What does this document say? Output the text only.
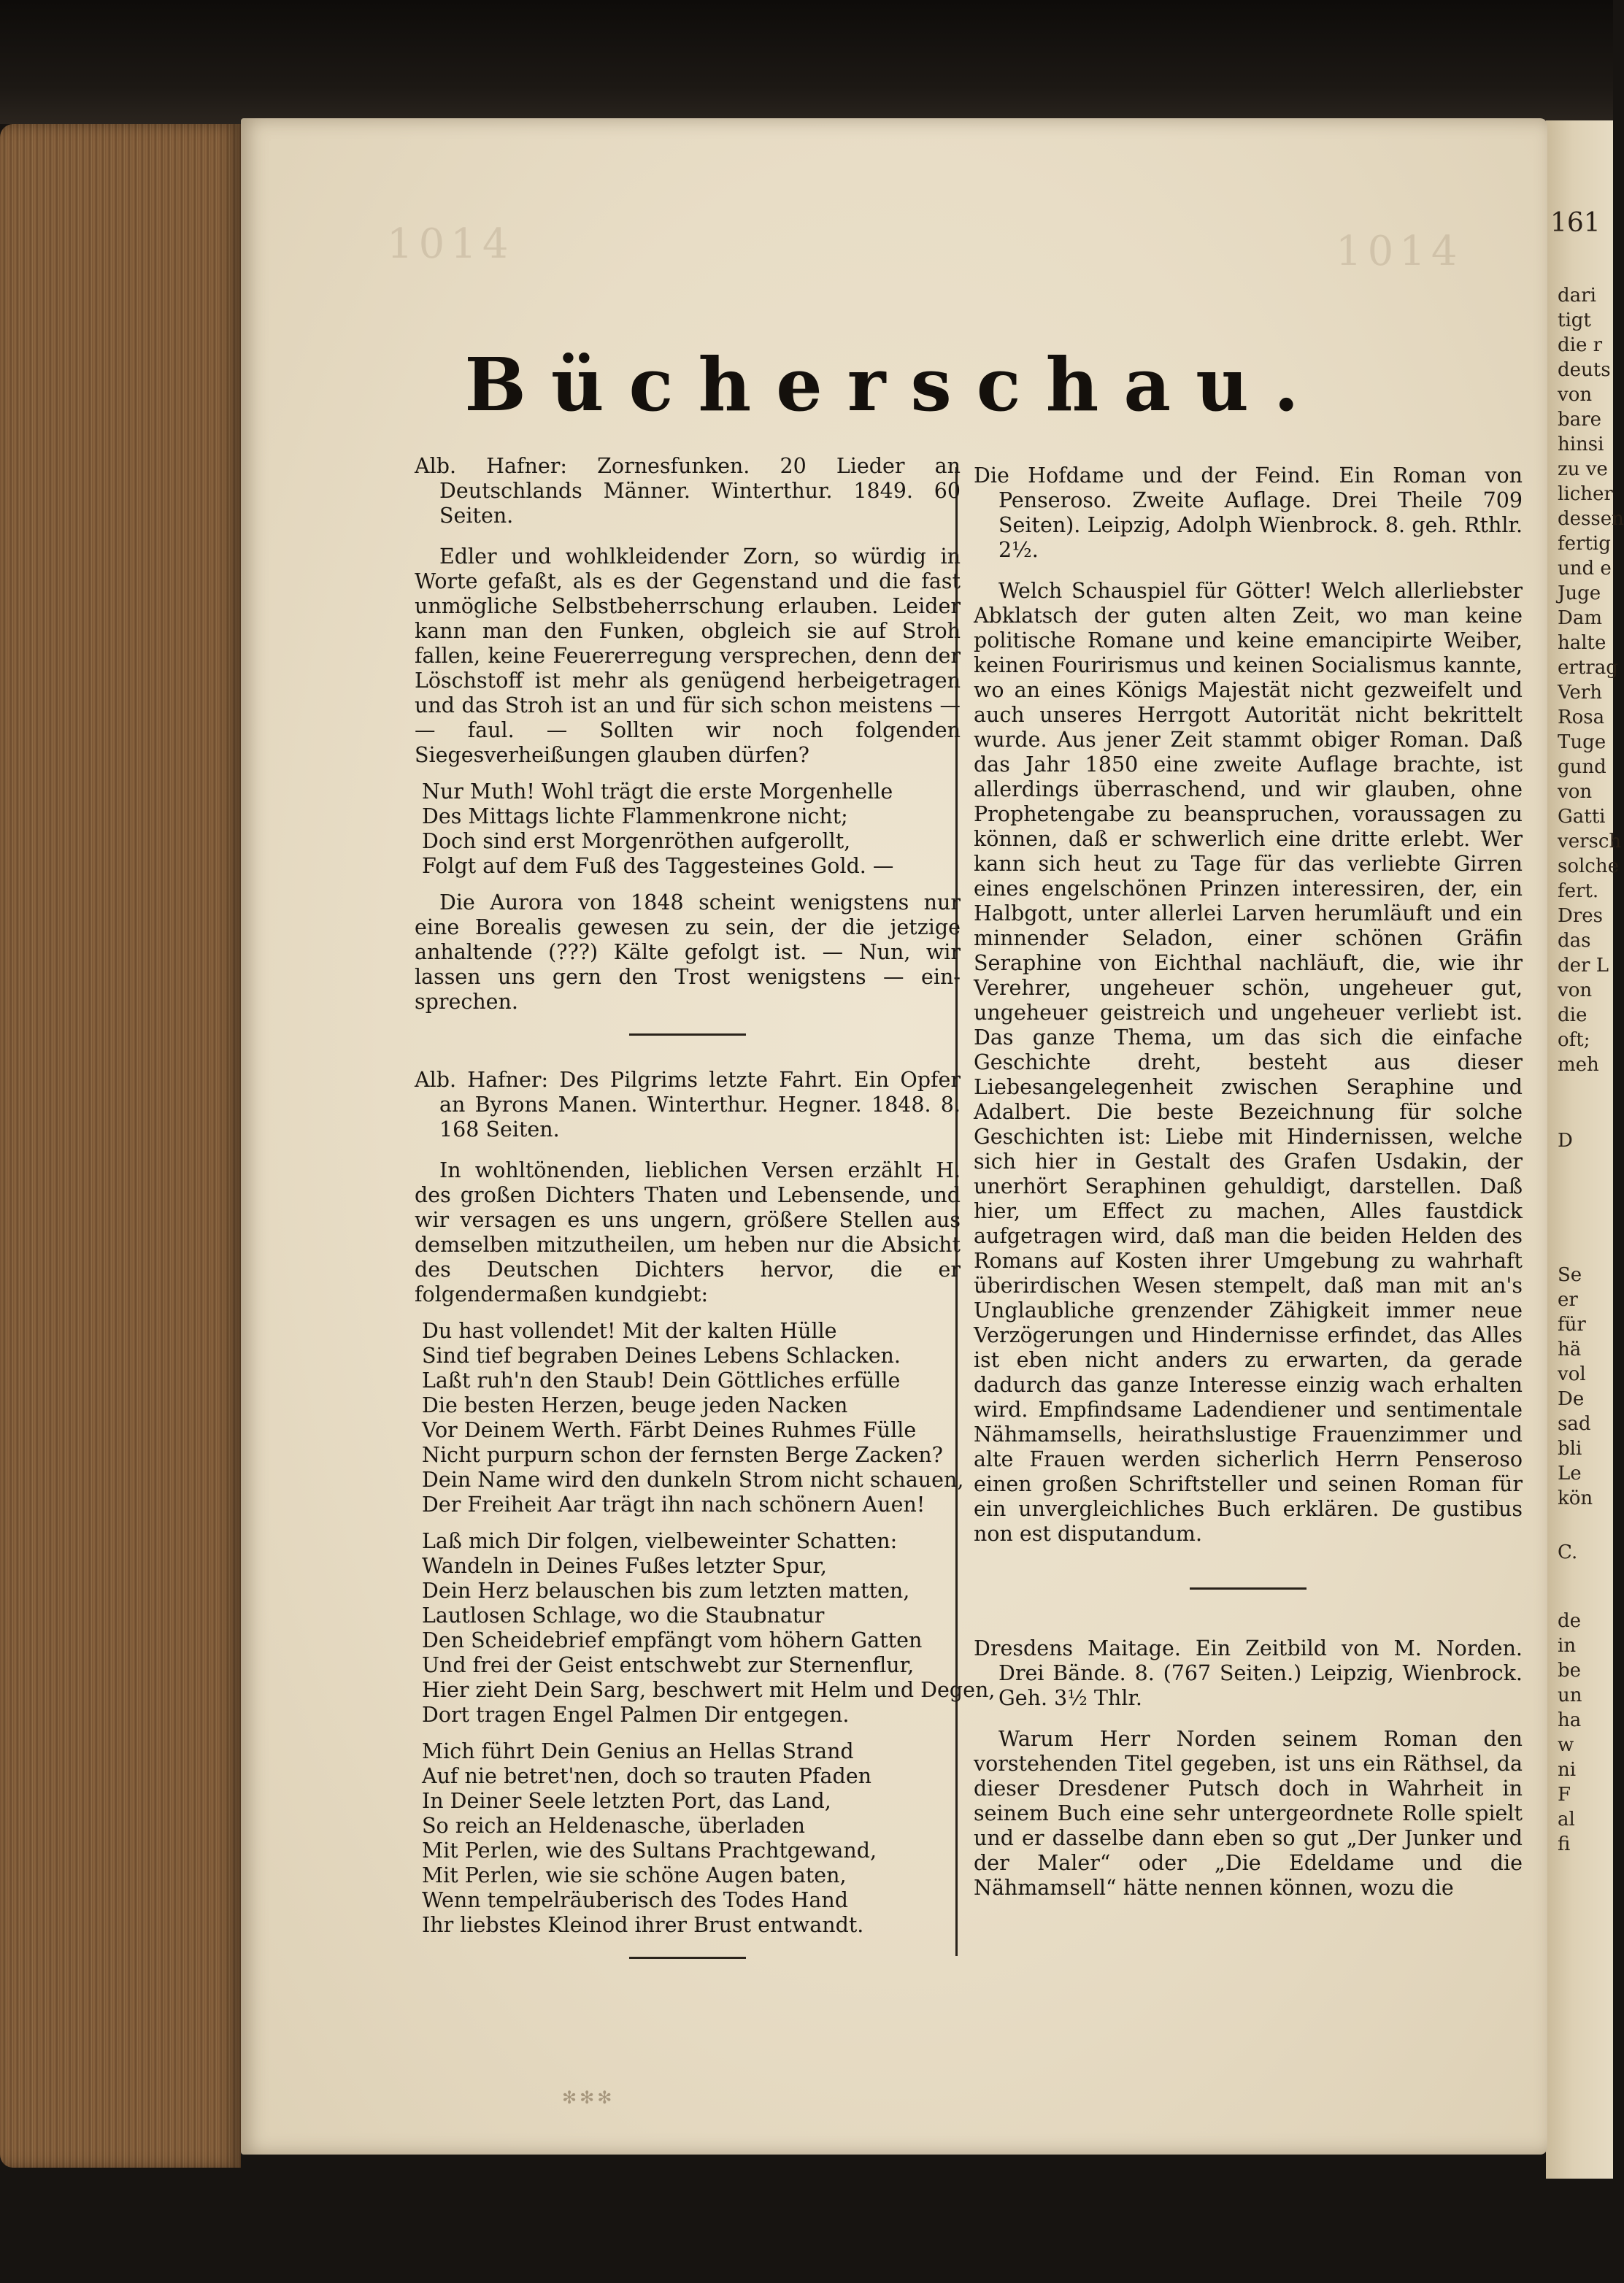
dari
tigt
die r
deuts
von
bare
hinsi
zu ve
licher
dessen
fertig
und e
Juge
Dam
halte
ertrag
Verh
Rosa
Tuge
gund
von
Gatti
versch
solche
fert.
Dres
das
der L
von
die
oft;
meh
D
Se
er
für
hä
vol
De
sad
bli
Le
kön
C.
de
in
be
un
ha
w
ni
F
al
fi
161
1014	1014
Bücherschau.

Alb. Hafner: Zornesfunken. 20 Lieder an Deutschlands Männer. Winterthur. 1849. 60 Seiten.

Edler und wohlkleidender Zorn, so würdig in Worte gefaßt, als es der Gegenstand und die fast unmögliche Selbstbeherrschung erlauben. Leider kann man den Funken, obgleich sie auf Stroh fallen, keine Feuererregung versprechen, denn der Löschstoff ist mehr als genügend herbeigetragen und das Stroh ist an und für sich schon meistens — — faul. — Sollten wir noch folgenden Siegesverheißungen glauben dürfen?

Nur Muth! Wohl trägt die erste Morgenhelle
Des Mittags lichte Flammenkrone nicht;
Doch sind erst Morgenröthen aufgerollt,
Folgt auf dem Fuß des Taggesteines Gold. —

Die Aurora von 1848 scheint wenigstens nur eine Borealis gewesen zu sein, der die jetzige anhaltende (???) Kälte gefolgt ist. — Nun, wir lassen uns gern den Trost wenigstens — ein-sprechen.

Alb. Hafner: Des Pilgrims letzte Fahrt. Ein Opfer an Byrons Manen. Winterthur. Hegner. 1848. 8. 168 Seiten.

In wohltönenden, lieblichen Versen erzählt H. des großen Dichters Thaten und Lebensende, und wir versagen es uns ungern, größere Stellen aus demselben mitzutheilen, um heben nur die Absicht des Deutschen Dichters hervor, die er folgendermaßen kundgiebt:

Du hast vollendet! Mit der kalten Hülle
Sind tief begraben Deines Lebens Schlacken.
Laßt ruh'n den Staub! Dein Göttliches erfülle
Die besten Herzen, beuge jeden Nacken
Vor Deinem Werth. Färbt Deines Ruhmes Fülle
Nicht purpurn schon der fernsten Berge Zacken?
Dein Name wird den dunkeln Strom nicht schauen,
Der Freiheit Aar trägt ihn nach schönern Auen!
Laß mich Dir folgen, vielbeweinter Schatten:
Wandeln in Deines Fußes letzter Spur,
Dein Herz belauschen bis zum letzten matten,
Lautlosen Schlage, wo die Staubnatur
Den Scheidebrief empfängt vom höhern Gatten
Und frei der Geist entschwebt zur Sternenflur,
Hier zieht Dein Sarg, beschwert mit Helm und Degen,
Dort tragen Engel Palmen Dir entgegen.
Mich führt Dein Genius an Hellas Strand
Auf nie betret'nen, doch so trauten Pfaden
In Deiner Seele letzten Port, das Land,
So reich an Heldenasche, überladen
Mit Perlen, wie des Sultans Prachtgewand,
Mit Perlen, wie sie schöne Augen baten,
Wenn tempelräuberisch des Todes Hand
Ihr liebstes Kleinod ihrer Brust entwandt.

Die Hofdame und der Feind. Ein Roman von Penseroso. Zweite Auflage. Drei Theile 709 Seiten). Leipzig, Adolph Wienbrock. 8. geh. Rthlr. 2½.

Welch Schauspiel für Götter! Welch allerliebster Abklatsch der guten alten Zeit, wo man keine politische Romane und keine emancipirte Weiber, keinen Fourirismus und keinen Socialismus kannte, wo an eines Königs Majestät nicht gezweifelt und auch unseres Herrgott Autorität nicht bekrittelt wurde. Aus jener Zeit stammt obiger Roman. Daß das Jahr 1850 eine zweite Auflage brachte, ist allerdings überraschend, und wir glauben, ohne Prophetengabe zu beanspruchen, voraussagen zu können, daß er schwerlich eine dritte erlebt. Wer kann sich heut zu Tage für das verliebte Girren eines engelschönen Prinzen interessiren, der, ein Halbgott, unter allerlei Larven herumläuft und ein minnender Seladon, einer schönen Gräfin Seraphine von Eichthal nachläuft, die, wie ihr Verehrer, ungeheuer schön, ungeheuer gut, ungeheuer geistreich und ungeheuer verliebt ist. Das ganze Thema, um das sich die einfache Geschichte dreht, besteht aus dieser Liebesangelegenheit zwischen Seraphine und Adalbert. Die beste Bezeichnung für solche Geschichten ist: Liebe mit Hindernissen, welche sich hier in Gestalt des Grafen Usdakin, der unerhört Seraphinen gehuldigt, darstellen. Daß hier, um Effect zu machen, Alles faustdick aufgetragen wird, daß man die beiden Helden des Romans auf Kosten ihrer Umgebung zu wahrhaft überirdischen Wesen stempelt, daß man mit an's Unglaubliche grenzender Zähigkeit immer neue Verzögerungen und Hindernisse erfindet, das Alles ist eben nicht anders zu erwarten, da gerade dadurch das ganze Interesse einzig wach erhalten wird. Empfindsame Ladendiener und sentimentale Nähmamsells, heirathslustige Frauenzimmer und alte Frauen werden sicherlich Herrn Penseroso einen großen Schriftsteller und seinen Roman für ein unvergleichliches Buch erklären. De gustibus non est disputandum.

Dresdens Maitage. Ein Zeitbild von M. Norden. Drei Bände. 8. (767 Seiten.) Leipzig, Wienbrock. Geh. 3½ Thlr.

Warum Herr Norden seinem Roman den vorstehenden Titel gegeben, ist uns ein Räthsel, da dieser Dresdener Putsch doch in Wahrheit in seinem Buch eine sehr untergeordnete Rolle spielt und er dasselbe dann eben so gut „Der Junker und der Maler“ oder „Die Edeldame und die Nähmamsell“ hätte nennen können, wozu die

✻✻✻
